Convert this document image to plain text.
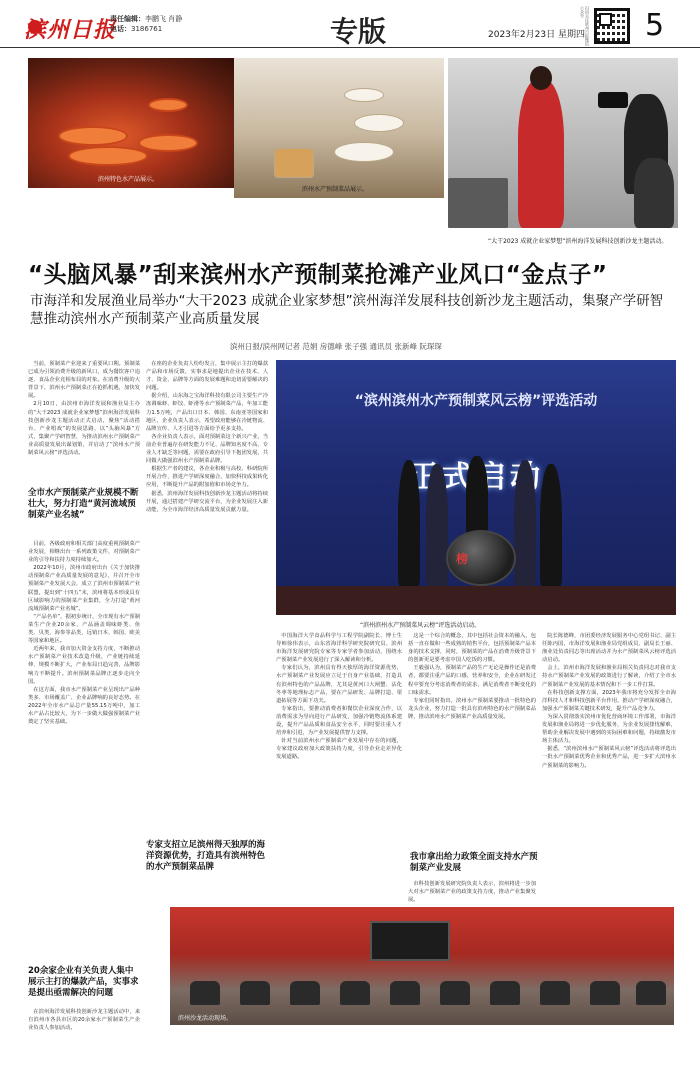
滨州日报
责任编辑：李鹏飞 肖静
电话：3186761	专版	2023年2月23日 星期四 扫码关注滨州日报微信公众号 5
滨州特色水产品展示。
滨州水产预制菜品展示。
“大干2023 成就企业家梦想”滨州海洋发展科技创新沙龙主题活动。
“头脑风暴”刮来滨州水产预制菜抢滩产业风口“金点子”
市海洋和发展渔业局举办“大干2023 成就企业家梦想”滨州海洋发展科技创新沙龙主题活动，集聚产学研智慧推动滨州水产预制菜产业高质量发展
滨州日报/滨州网记者 范娟 房德峰 张子强 通讯员 张新峰 阮琛琛

当前，预制菜产业迎来了重要风口期。预制菜已成为引领消费升级的新风口，成为餐饮客户追逐、食品企业竞相布局的对象。在消费升级的大背景下，滨州水产预制菜正在抢抓机遇，加快发展。

2月10日，由滨州市海洋发展和渔业局主办的“大干2023 成就企业家梦想”滨州海洋发展科技创新沙龙主题活动正式启动，聚焦“活动搭台、产业唱戏”的发展思路，以“头脑风暴”方式，集聚产学研智慧，为推动滨州水产预制菜产业高质量发展出谋划策，并启动了“滨州水产预制菜风云榜”评选活动。

全市水产预制菜产业规模不断壮大，努力打造“黄河流域预制菜产业名城”

目前，各级政府和相关部门高度重视预制菜产业发展，相继出台一系列政策文件，对预制菜产业的引导和扶持力度持续加大。

2022年10月，滨州市政府出台《关于加快推动预制菜产业高质量发展的意见》，并召开全市预制菜产业发展大会，成立了滨州市预制菜产业联盟，提出到“十四五”末，滨州将基本形成具有区域影响力的预制菜产业集群，全力打造“黄河流域预制菜产业名城”。

“产品名单”，据初步统计，全市现有水产预制菜生产企业20余家，产品涵盖调味虾类、鱼类、贝类、海参等品类，远销日本、韩国、欧美等国家和地区。

近两年来，我市加大资金支持力度，不断推动水产预制菜产业技术改造升级，产业链持续延伸、规模不断扩大，产业布局日趋完善，品牌影响力不断提升。滨州预制菜品牌正逐步走向全国。

在这方面，我市水产预制菜产业呈现出产品种类多、市场覆盖广、企业品牌响的良好态势。在2022年全市水产品总产量55.15万吨中，加工水产品占比较大，为下一步做大做强预制菜产业奠定了坚实基础。

20余家企业有关负责人集中展示主打的爆款产品，实事求是提出亟需解决的问题

在滨州海洋发展科技创新沙龙主题活动中，来自滨州市各县市区的20余家水产预制菜生产企业负责人参加活动。

在座的企业负责人纷纷发言，集中展示主打的爆款产品和市场反馈，实事求是地提出企业在技术、人才、资金、品牌等方面的发展难题和迫切需要解决的问题。

据介绍，山东海之宝海洋科技有限公司主要生产冷冻调味虾、虾饺、虾滑等水产预制菜产品，年加工能力1.5万吨，产品出口日本、韩国、东南亚等国家和地区，企业负责人表示，希望政府能够在冷链物流、品牌宣传、人才引进等方面给予更多支持。

各企业负责人表示，面对预制菜这个新兴产业，当前企业普遍存在研发能力不足、品牌知名度不高、专业人才缺乏等问题，需要在政府引导下抱团发展，共同做大做强滨州水产预制菜品牌。

根据生产者的建议，各企业积极与高校、科研院所开展合作，推进产学研深度融合，加快科技成果转化应用，不断提升产品的附加值和市场竞争力。

据悉，滨州海洋发展科技创新沙龙主题活动将持续开展，通过搭建产学研交流平台，为企业发展注入新动能，为全市海洋经济高质量发展贡献力量。

专家支招立足滨州得天独厚的海洋资源优势，打造具有滨州特色的水产预制菜品牌
“滨州滨州水产预制菜风云榜”评选活动
榜
“滨州滨州水产预制菜风云榜”评选活动启动。

中国海洋大学食品科学与工程学院副院长、博士生导师徐伟表示，山东省海洋科学研究院研究员、滨州市海洋发展研究院专家等专家学者参加活动，围绕水产预制菜产业发展进行了深入解读和分析。

专家们认为，滨州具有得天独厚的海洋资源优势，水产预制菜产业发展应立足于自身产业基础，打造具有滨州特色的产品品牌，尤其是黄河口大闸蟹、沾化冬枣等地理标志产品，要在产品研发、品牌打造、渠道拓展等方面下功夫。

专家指出，要推动消费者和餐饮企业深度合作，以消费需求为导向进行产品研发，加强冷链物流体系建设，提升产品品质和食品安全水平，同时要注重人才培养和引进，为产业发展提供智力支撑。

针对当前滨州水产预制菜产业发展中存在的问题，专家建议政府加大政策扶持力度，引导企业走差异化发展道路。

这是一个综合的概念，其中包括社会资本的融入，包括一直在做和一些成熟的销售平台，包括预制菜产品本身的技术支撑，同时，预制菜的产品在消费升级背景下的创新更是要考虑中国人吃饭的习惯。

王毅强认为，预制菜产品的生产无论是操作还是消费者，都要注重产品的口感、营养和安全，企业在研发过程中要充分考虑消费者的需求，满足消费者不断变化的口味需求。

专家们同时指出，滨州水产预制菜要推动一批特色的龙头企业，努力打造一批具有滨州特色的水产预制菜品牌，推动滨州水产预制菜产业高质量发展。

我市拿出给力政策全面支持水产预制菜产业发展

市科技创新发展研究院负责人表示，滨州将进一步加大对水产预制菜产业的政策支持力度，推动产业集聚发展。

院长陈德峰，市团委经济发展服务中心党组书记、副主任陈丙国，市海洋发展和渔业局党组成员、副局长王丽、渔业处负责同志等出席活动并为水产预制菜风云榜评选活动启动。

会上，滨州市海洋发展和渔业局相关负责同志对我市支持水产预制菜产业发展的政策进行了解读，介绍了全市水产预制菜产业发展的基本情况和下一步工作打算。

在科技创新支撑方面，2023年我市将充分发挥全市海洋科技人才和科技创新平台作用，推动产学研深度融合，加强水产预制菜关键技术研发，提升产品竞争力。

为深入贯彻落实滨州市优化营商环境工作部署，市海洋发展和渔业局将进一步优化服务，为企业发展排忧解难，帮助企业解决发展中遇到的实际困难和问题，持续激发市场主体活力。

据悉，“滨州滨州水产预制菜风云榜”评选活动将评选出一批水产预制菜优秀企业和优秀产品，进一步扩大滨州水产预制菜的影响力。

滨州沙龙活动现场。
